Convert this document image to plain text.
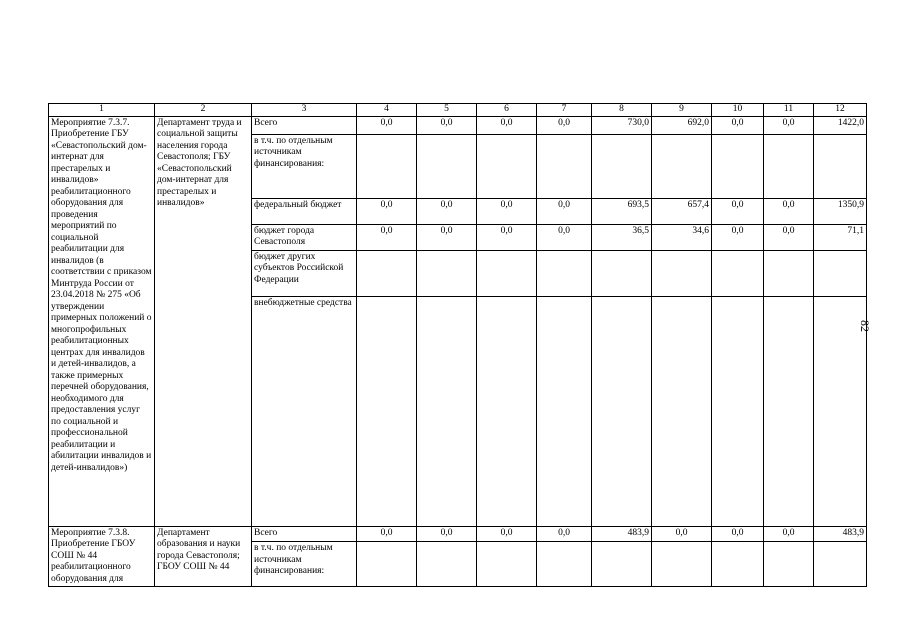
82
1	2	3	4	5	6	7	8	9	10	11	12
Мероприятие 7.3.7. Приобретение ГБУ «Севастопольский дом-интернат для престарелых и инвалидов» реабилитационного оборудования для проведения мероприятий по социальной реабилитации для инвалидов (в соответствии с приказом Минтруда России от 23.04.2018 № 275 «Об утверждении примерных положений о многопрофильных реабилитационных центрах для инвалидов и детей-инвалидов, а также примерных перечней оборудования, необходимого для предоставления услуг по социальной и профессиональной реабилитации и абилитации инвалидов и детей-инвалидов»)	Департамент труда и социальной защиты населения города Севастополя; ГБУ «Севастопольский дом-интернат для престарелых и инвалидов»	Всего	0,0	0,0	0,0	0,0	730,0	692,0	0,0	0,0	1422,0
		в т.ч. по отдельным источникам финансирования:									
		федеральный бюджет	0,0	0,0	0,0	0,0	693,5	657,4	0,0	0,0	1350,9
		бюджет города Севастополя	0,0	0,0	0,0	0,0	36,5	34,6	0,0	0,0	71,1
		бюджет других субъектов Российской Федерации									
		внебюджетные средства									
Мероприятие 7.3.8. Приобретение ГБОУ СОШ № 44 реабилитационного оборудования для	Департамент образования и науки города Севастополя; ГБОУ СОШ № 44	Всего	0,0	0,0	0,0	0,0	483,9	0,0	0,0	0,0	483,9
		в т.ч. по отдельным источникам финансирования:									
